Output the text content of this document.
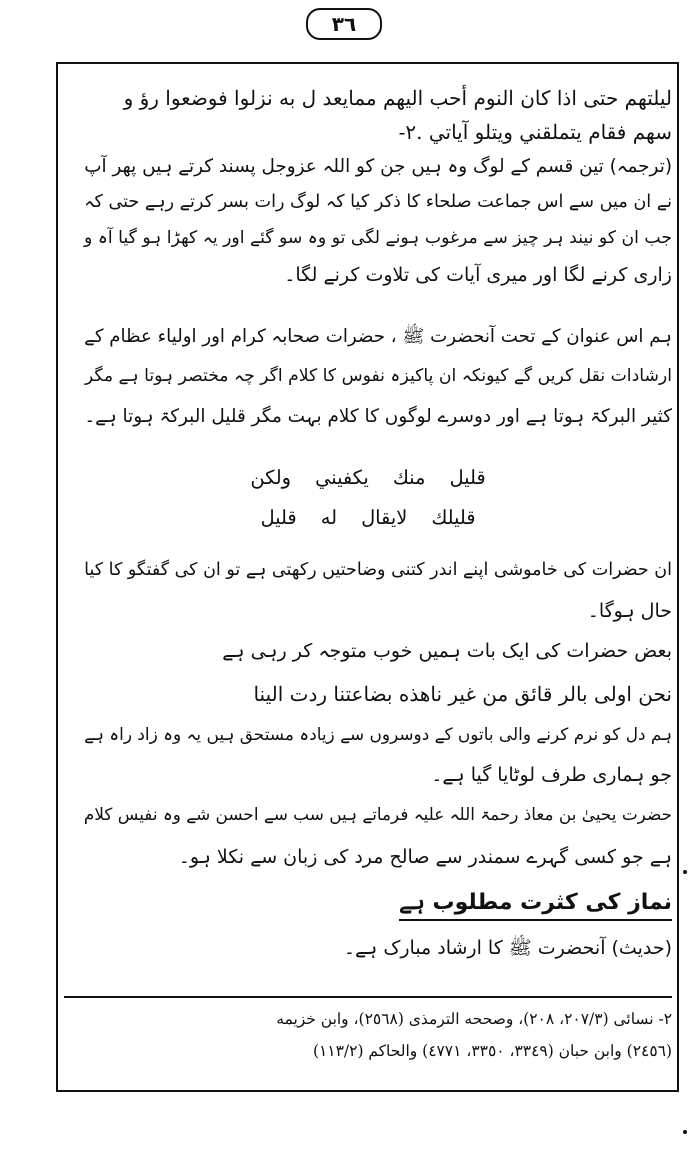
۳٦
ليلتهم حتى اذا كان النوم أحب اليهم ممايعد ل به نزلوا فوضعوا رؤ و
سهم فقام يتملقني ويتلو آياتي .٢-
(ترجمہ) تین قسم کے لوگ وہ ہیں جن کو اللہ عزوجل پسند کرتے ہیں پھر آپ
نے ان میں سے اس جماعت صلحاء کا ذکر کیا کہ لوگ رات بسر کرتے رہے حتی کہ
جب ان کو نیند ہر چیز سے مرغوب ہونے لگی تو وہ سو گئے اور یہ کھڑا ہو گیا آہ و
زاری کرنے لگا اور میری آیات کی تلاوت کرنے لگا۔
ہم اس عنوان کے تحت آنحضرت ﷺ ، حضرات صحابہ کرام اور اولیاء عظام کے
ارشادات نقل کریں گے کیونکہ ان پاکیزہ نفوس کا کلام اگر چہ مختصر ہوتا ہے مگر
کثیر البرکۃ ہوتا ہے اور دوسرے لوگوں کا کلام بہت مگر قلیل البرکۃ ہوتا ہے۔
قليل منك يكفيني ولكن
قليلك لايقال له قليل
ان حضرات کی خاموشی اپنے اندر کتنی وضاحتیں رکھتی ہے تو ان کی گفتگو کا کیا
حال ہوگا۔
بعض حضرات کی ایک بات ہمیں خوب متوجہ کر رہی ہے
نحن اولى بالر قائق من غير ناهذه بضاعتنا ردت الينا
ہم دل کو نرم کرنے والی باتوں کے دوسروں سے زیادہ مستحق ہیں یہ وہ زاد راہ ہے
جو ہماری طرف لوٹایا گیا ہے۔
حضرت یحییٰ بن معاذ رحمۃ اللہ علیہ فرماتے ہیں سب سے احسن شے وہ نفیس کلام
ہے جو کسی گہرے سمندر سے صالح مرد کی زبان سے نکلا ہو۔
نماز کی کثرت مطلوب ہے
(حدیث) آنحضرت ﷺ کا ارشاد مبارک ہے۔
٢- نسائى (٢٠٧/٣، ٢٠٨)، وصححه الترمذى (٢٥٦٨)، وابن خزيمه
(٢٤٥٦) وابن حبان (٣٣٤٩، ٣٣٥٠، ٤٧٧١) والحاكم (١١٣/٢)
